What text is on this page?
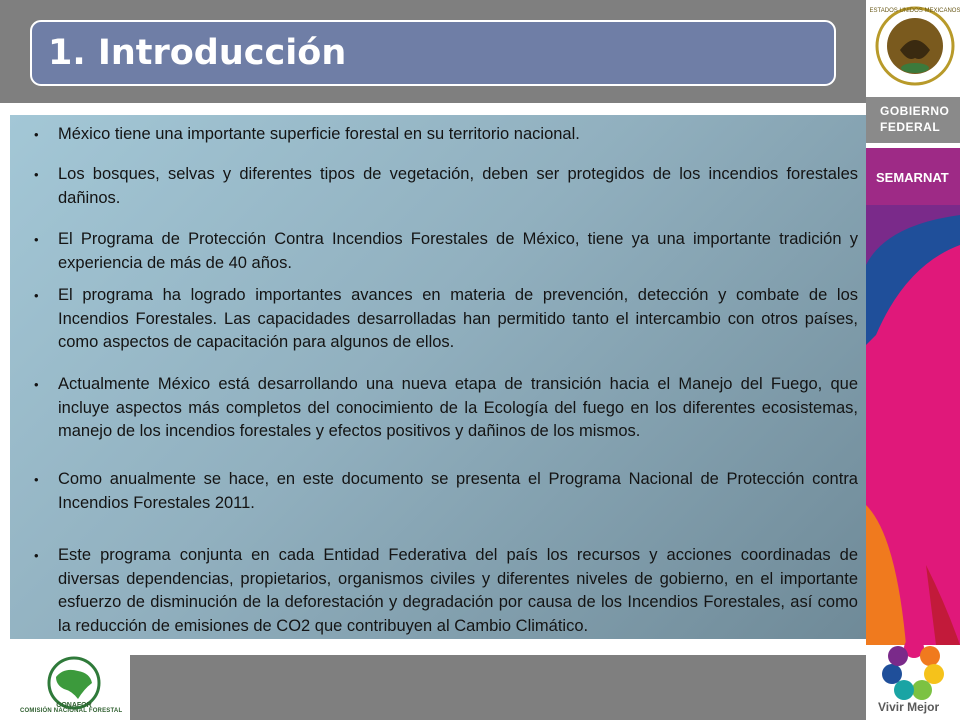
1. Introducción
• México tiene una importante superficie forestal en su territorio nacional.
• Los bosques, selvas y diferentes tipos de vegetación, deben ser protegidos de los incendios forestales dañinos.
• El Programa de Protección Contra Incendios Forestales de México, tiene ya una importante tradición y experiencia de más de 40 años.
• El programa ha logrado importantes avances en materia de prevención, detección y combate de los Incendios Forestales. Las capacidades desarrolladas han permitido tanto el intercambio con otros países, como aspectos de capacitación para algunos de ellos.
• Actualmente México está desarrollando una nueva etapa de transición hacia el Manejo del Fuego, que incluye aspectos más completos del conocimiento de la Ecología del fuego en los diferentes ecosistemas, manejo de los incendios forestales y efectos positivos y dañinos de los mismos.
• Como anualmente se hace, en este documento se presenta el Programa Nacional de Protección contra Incendios Forestales 2011.
• Este programa conjunta en cada Entidad Federativa del país los recursos y acciones coordinadas de diversas dependencias, propietarios, organismos civiles y diferentes niveles de gobierno, en el importante esfuerzo de disminución de la deforestación y degradación por causa de los Incendios Forestales, así como la reducción de emisiones de CO2 que contribuyen al Cambio Climático.
ESTADOS UNIDOS MEXICANOS
GOBIERNO
FEDERAL
SEMARNAT
Vivir Mejor
CONAFOR
COMISIÓN NACIONAL FORESTAL
